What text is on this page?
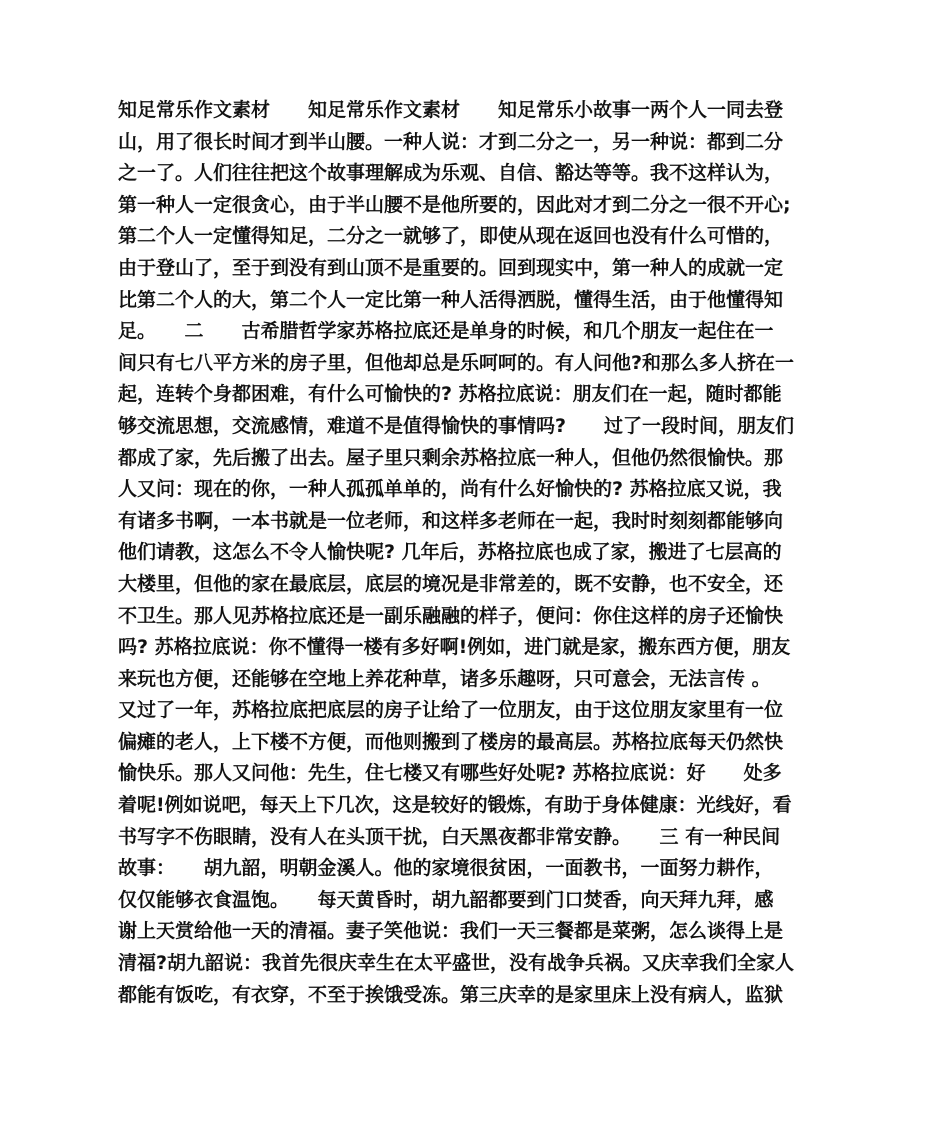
知足常乐作文素材　　知足常乐作文素材　　知足常乐小故事一两个人一同去登
山，用了很长时间才到半山腰。一种人说：才到二分之一，另一种说：都到二分
之一了。人们往往把这个故事理解成为乐观、自信、豁达等等。我不这样认为，
第一种人一定很贪心，由于半山腰不是他所要的，因此对才到二分之一很不开心;
第二个人一定懂得知足，二分之一就够了，即使从现在返回也没有什么可惜的，
由于登山了，至于到没有到山顶不是重要的。回到现实中，第一种人的成就一定
比第二个人的大，第二个人一定比第一种人活得洒脱，懂得生活，由于他懂得知
足。　　二　　古希腊哲学家苏格拉底还是单身的时候，和几个朋友一起住在一
间只有七八平方米的房子里，但他却总是乐呵呵的。有人问他?和那么多人挤在一
起，连转个身都困难，有什么可愉快的? 苏格拉底说：朋友们在一起，随时都能
够交流思想，交流感情，难道不是值得愉快的事情吗?　　过了一段时间，朋友们
都成了家，先后搬了出去。屋子里只剩余苏格拉底一种人，但他仍然很愉快。那
人又问：现在的你，一种人孤孤单单的，尚有什么好愉快的? 苏格拉底又说，我
有诸多书啊，一本书就是一位老师，和这样多老师在一起，我时时刻刻都能够向
他们请教，这怎么不令人愉快呢? 几年后，苏格拉底也成了家，搬进了七层高的
大楼里，但他的家在最底层，底层的境况是非常差的，既不安静，也不安全，还
不卫生。那人见苏格拉底还是一副乐融融的样子，便问：你住这样的房子还愉快
吗? 苏格拉底说：你不懂得一楼有多好啊!例如，进门就是家，搬东西方便，朋友
来玩也方便，还能够在空地上养花种草，诸多乐趣呀，只可意会，无法言传 。
又过了一年，苏格拉底把底层的房子让给了一位朋友，由于这位朋友家里有一位
偏瘫的老人，上下楼不方便，而他则搬到了楼房的最高层。苏格拉底每天仍然快
愉快乐。那人又问他：先生，住七楼又有哪些好处呢? 苏格拉底说：好　　处多
着呢!例如说吧，每天上下几次，这是较好的锻炼，有助于身体健康：光线好，看
书写字不伤眼睛，没有人在头顶干扰，白天黑夜都非常安静。　　三 有一种民间
故事：　　胡九韶，明朝金溪人。他的家境很贫困，一面教书，一面努力耕作，
仅仅能够衣食温饱。　　每天黄昏时，胡九韶都要到门口焚香，向天拜九拜，感
谢上天赏给他一天的清福。妻子笑他说：我们一天三餐都是菜粥，怎么谈得上是
清福?胡九韶说：我首先很庆幸生在太平盛世，没有战争兵祸。又庆幸我们全家人
都能有饭吃，有衣穿，不至于挨饿受冻。第三庆幸的是家里床上没有病人，监狱
